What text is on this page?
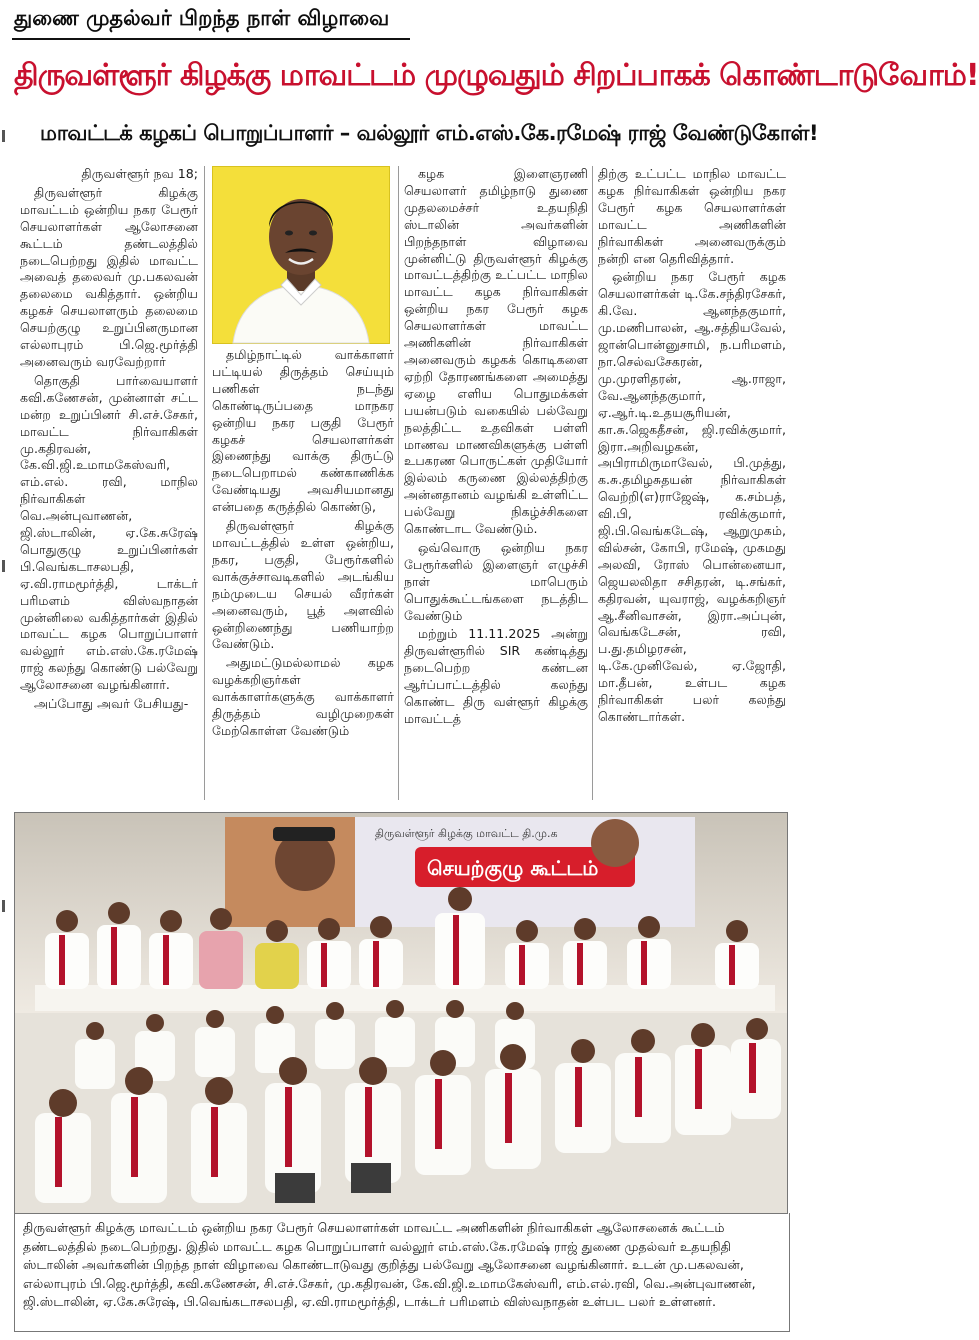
துணை முதல்வர் பிறந்த நாள் விழாவை
திருவள்ளூர் கிழக்கு மாவட்டம் முழுவதும் சிறப்பாகக் கொண்டாடுவோம்!
மாவட்டக் கழகப் பொறுப்பாளர் – வல்லூர் எம்.எஸ்.கே.ரமேஷ் ராஜ் வேண்டுகோள்!

திருவள்ளூர் நவ 18;

திருவள்ளூர் கிழக்கு மாவட்டம் ஒன்றிய நகர பேரூர் செயலாளர்கள் ஆலோசனை கூட்டம் தண்டலத்தில் நடைபெற்றது இதில் மாவட்ட அவைத் தலைவர் மு.பகலவன் தலைமை வகித்தார். ஒன்றிய கழகச் செயலாளரும் தலைமை செயற்குழு உறுப்பினருமான எல்லாபுரம் பி.ஜெ.மூர்த்தி அனைவரும் வரவேற்றார்

தொகுதி பார்வையாளர் கவி.கணேசன், முன்னாள் சட்ட மன்ற உறுப்பினர் சி.எச்.சேகர், மாவட்ட நிர்வாகிகள் மு.கதிரவன், கே.வி.ஜி.உமாமகேஸ்வரி, எம்.எல். ரவி, மாநில நிர்வாகிகள் வெ.அன்புவாணன், ஜி.ஸ்டாலின், ஏ.கே.சுரேஷ் பொதுகுழு உறுப்பினர்கள் பி.வெங்கடாசலபதி, ஏ.வி.ராமமூர்த்தி, டாக்டர் பரிமளம் விஸ்வநாதன் முன்னிலை வகித்தார்கள் இதில் மாவட்ட கழக பொறுப்பாளர் வல்லூர் எம்.எஸ்.கே.ரமேஷ் ராஜ் கலந்து கொண்டு பல்வேறு ஆலோசனை வழங்கினார்.

அப்போது அவர் பேசியது-

தமிழ்நாட்டில் வாக்காளர் பட்டியல் திருத்தம் செய்யும் பணிகள் நடந்து கொண்டிருப்பதை மாநகர ஒன்றிய நகர பகுதி பேரூர் கழகச் செயலாளர்கள் இணைந்து வாக்கு திருட்டு நடைபெறாமல் கண்காணிக்க வேண்டியது அவசியமானது என்பதை கருத்தில் கொண்டு,

திருவள்ளூர் கிழக்கு மாவட்டத்தில் உள்ள ஒன்றிய, நகர, பகுதி, பேரூர்களில் வாக்குச்சாவடிகளில் அடங்கிய நம்முடைய செயல் வீரர்கள் அனைவரும், பூத் அளவில் ஒன்றிணைந்து பணியாற்ற வேண்டும்.

அதுமட்டுமல்லாமல் கழக வழக்கறிஞர்கள் வாக்காளர்களுக்கு வாக்காளர் திருத்தம் வழிமுறைகள் மேற்கொள்ள வேண்டும்

கழக இளைஞரணி செயலாளர் தமிழ்நாடு துணை முதலமைச்சர் உதயநிதி ஸ்டாலின் அவர்களின் பிறந்தநாள் விழாவை முன்னிட்டு திருவள்ளூர் கிழக்கு மாவட்டத்திற்கு உட்பட்ட மாநில மாவட்ட கழக நிர்வாகிகள் ஒன்றிய நகர பேரூர் கழக செயலாளர்கள் மாவட்ட அணிகளின் நிர்வாகிகள் அனைவரும் கழகக் கொடிகளை ஏற்றி தோரணங்களை அமைத்து ஏழை எளிய பொதுமக்கள் பயன்படும் வகையில் பல்வேறு நலத்திட்ட உதவிகள் பள்ளி மாணவ மாணவிகளுக்கு பள்ளி உபகரண பொருட்கள் முதியோர் இல்லம் கருணை இல்லத்திற்கு அன்னதானம் வழங்கி உள்ளிட்ட பல்வேறு நிகழ்ச்சிகளை கொண்டாட வேண்டும்.

ஒவ்வொரு ஒன்றிய நகர பேரூர்களில் இளைஞர் எழுச்சி நாள் மாபெரும் பொதுக்கூட்டங்களை நடத்திட வேண்டும்

மற்றும் 11.11.2025 அன்று திருவள்ளூரில் SIR கண்டித்து நடைபெற்ற கண்டன ஆர்ப்பாட்டத்தில் கலந்து கொண்ட திரு வள்ளூர் கிழக்கு மாவட்டத்

திற்கு உட்பட்ட மாநில மாவட்ட கழக நிர்வாகிகள் ஒன்றிய நகர பேரூர் கழக செயலாளர்கள் மாவட்ட அணிகளின் நிர்வாகிகள் அனைவருக்கும் நன்றி என தெரிவித்தார்.

ஒன்றிய நகர பேரூர் கழக செயலாளர்கள் டி.கே.சந்திரசேகர், கி.வே. ஆனந்தகுமார், மு.மணிபாலன், ஆ.சத்தியவேல், ஜான்பொன்னுசாமி, ந.பரிமளம், நா.செல்வசேகரன், மு.முரளிதரன், ஆ.ராஜா, வே.ஆனந்தகுமார், ஏ.ஆர்.டி.உதயசூரியன், கா.சு.ஜெகதீசன், ஜி.ரவிக்குமார், இரா.அறிவழகன், அபிராமிருமாவேல், பி.முத்து, க.சு.தமிழசுதயன் நிர்வாகிகள் வெற்றி(எ)ராஜேஷ், க.சம்பத், வி.பி, ரவிக்குமார், ஜி.பி.வெங்கடேஷ், ஆறுமுகம், வில்சன், கோபி, ரமேஷ், முகமது அலவி, ரோஸ் பொன்னையா, ஜெயலலிதா சசிதரன், டி.சங்கர், கதிரவன், யுவராஜ், வழக்கறிஞர் ஆ.சீனிவாசன், இரா.அப்புன், வெங்கடேசன், ரவி, ப.து.தமிழரசன், டி.கே.முனிவேல், ஏ.ஜோதி, மா.தீபன், உள்பட கழக நிர்வாகிகள் பலர் கலந்து கொண்டார்கள்.

திருவள்ளூர் கிழக்கு மாவட்ட தி.மு.க
செயற்குழு கூட்டம்
திருவள்ளூர் கிழக்கு மாவட்டம் ஒன்றிய நகர பேரூர் செயலாளர்கள் மாவட்ட அணிகளின் நிர்வாகிகள் ஆலோசனைக் கூட்டம் தண்டலத்தில் நடைபெற்றது. இதில் மாவட்ட கழக பொறுப்பாளர் வல்லூர் எம்.எஸ்.கே.ரமேஷ் ராஜ் துணை முதல்வர் உதயநிதி ஸ்டாலின் அவர்களின் பிறந்த நாள் விழாவை கொண்டாடுவது குறித்து பல்வேறு ஆலோசனை வழங்கினார். உடன் மு.பகலவன், எல்லாபுரம் பி.ஜெ.மூர்த்தி, கவி.கணேசன், சி.எச்.சேகர், மு.கதிரவன், கே.வி.ஜி.உமாமகேஸ்வரி, எம்.எல்.ரவி, வெ.அன்புவாணன், ஜி.ஸ்டாலின், ஏ.கே.சுரேஷ், பி.வெங்கடாசலபதி, ஏ.வி.ராமமூர்த்தி, டாக்டர் பரிமளம் விஸ்வநாதன் உள்பட பலர் உள்ளனர்.
